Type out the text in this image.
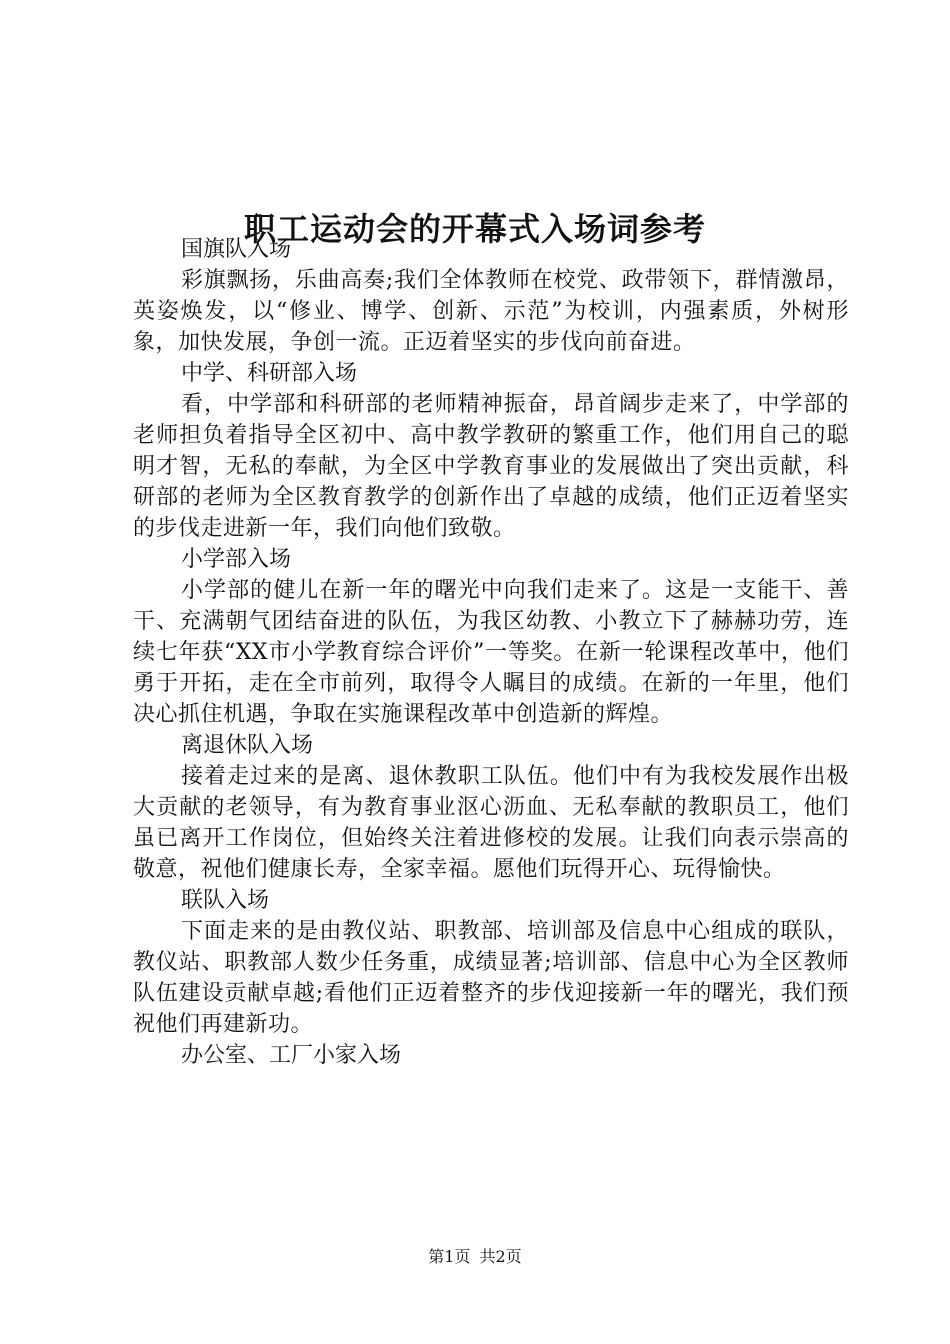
职工运动会的开幕式入场词参考

国旗队入场

彩旗飘扬，乐曲高奏;我们全体教师在校党、政带领下，群情激昂，英姿焕发，以“修业、博学、创新、示范”为校训，内强素质，外树形象，加快发展，争创一流。正迈着坚实的步伐向前奋进。

中学、科研部入场

看，中学部和科研部的老师精神振奋，昂首阔步走来了，中学部的老师担负着指导全区初中、高中教学教研的繁重工作，他们用自己的聪明才智，无私的奉献，为全区中学教育事业的发展做出了突出贡献，科研部的老师为全区教育教学的创新作出了卓越的成绩，他们正迈着坚实的步伐走进新一年，我们向他们致敬。

小学部入场

小学部的健儿在新一年的曙光中向我们走来了。这是一支能干、善干、充满朝气团结奋进的队伍，为我区幼教、小教立下了赫赫功劳，连续七年获“XX市小学教育综合评价”一等奖。在新一轮课程改革中，他们勇于开拓，走在全市前列，取得令人瞩目的成绩。在新的一年里，他们决心抓住机遇，争取在实施课程改革中创造新的辉煌。

离退休队入场

接着走过来的是离、退休教职工队伍。他们中有为我校发展作出极大贡献的老领导，有为教育事业沤心沥血、无私奉献的教职员工，他们虽已离开工作岗位，但始终关注着进修校的发展。让我们向表示崇高的敬意，祝他们健康长寿，全家幸福。愿他们玩得开心、玩得愉快。

联队入场

下面走来的是由教仪站、职教部、培训部及信息中心组成的联队，教仪站、职教部人数少任务重，成绩显著;培训部、信息中心为全区教师队伍建设贡献卓越;看他们正迈着整齐的步伐迎接新一年的曙光，我们预祝他们再建新功。

办公室、工厂小家入场

第1页 共2页
